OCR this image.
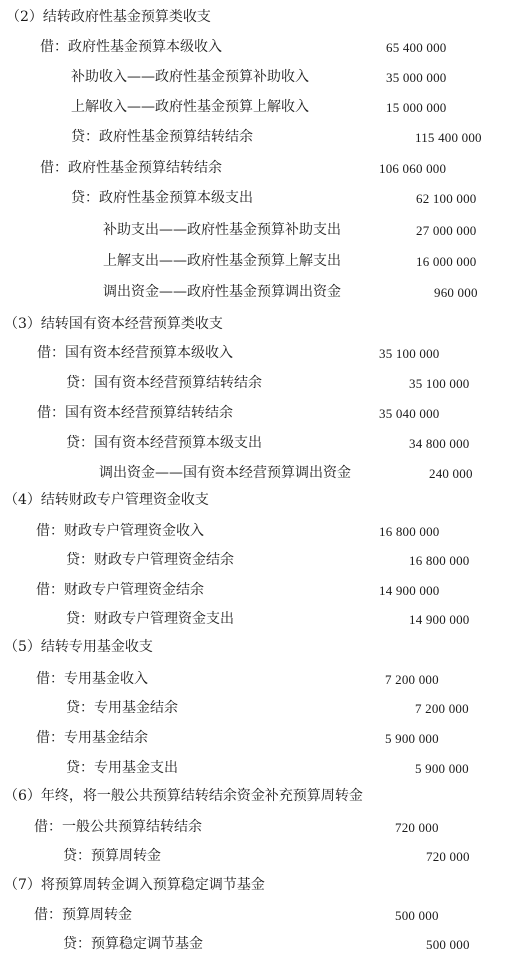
（2）结转政府性基金预算类收支
借：政府性基金预算本级收入	65 400 000
补助收入——政府性基金预算补助收入	35 000 000
上解收入——政府性基金预算上解收入	15 000 000
贷：政府性基金预算结转结余	115 400 000
借：政府性基金预算结转结余	106 060 000
贷：政府性基金预算本级支出	62 100 000
补助支出——政府性基金预算补助支出	27 000 000
上解支出——政府性基金预算上解支出	16 000 000
调出资金——政府性基金预算调出资金	960 000
（3）结转国有资本经营预算类收支
借：国有资本经营预算本级收入	35 100 000
贷：国有资本经营预算结转结余	35 100 000
借：国有资本经营预算结转结余	35 040 000
贷：国有资本经营预算本级支出	34 800 000
调出资金——国有资本经营预算调出资金	240 000
（4）结转财政专户管理资金收支
借：财政专户管理资金收入	16 800 000
贷：财政专户管理资金结余	16 800 000
借：财政专户管理资金结余	14 900 000
贷：财政专户管理资金支出	14 900 000
（5）结转专用基金收支
借：专用基金收入	7 200 000
贷：专用基金结余	7 200 000
借：专用基金结余	5 900 000
贷：专用基金支出	5 900 000
（6）年终，将一般公共预算结转结余资金补充预算周转金
借：一般公共预算结转结余	720 000
贷：预算周转金	720 000
（7）将预算周转金调入预算稳定调节基金
借：预算周转金	500 000
贷：预算稳定调节基金	500 000
